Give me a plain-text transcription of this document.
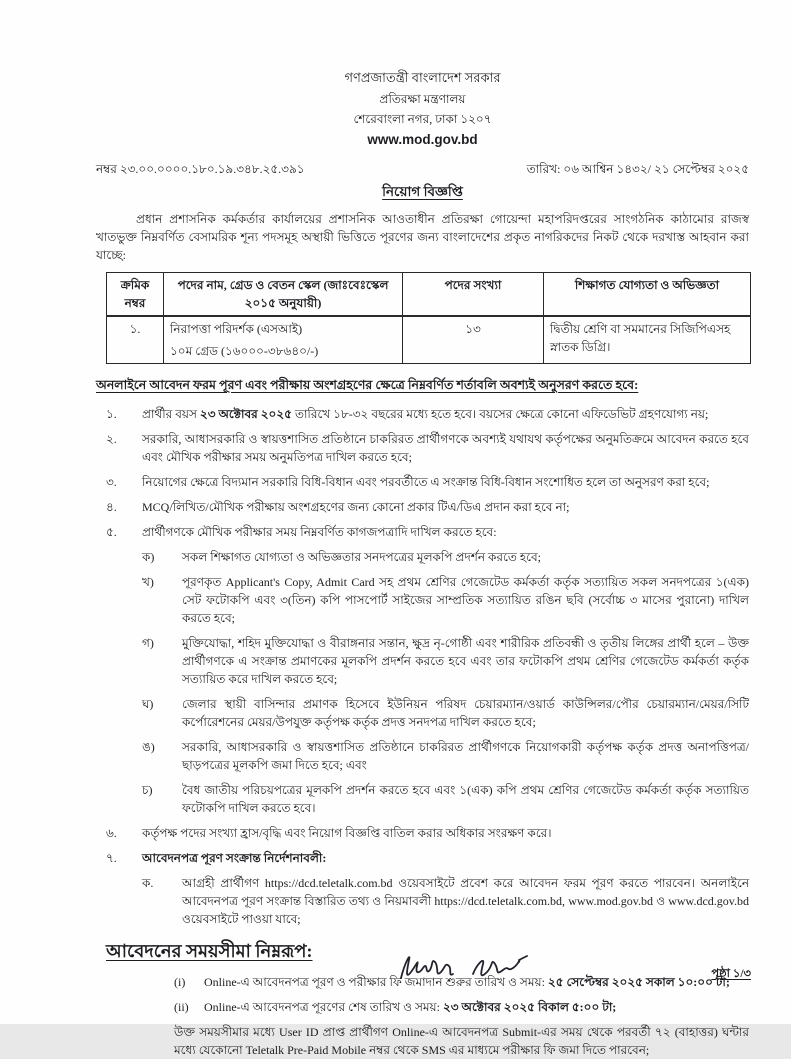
গণপ্রজাতন্ত্রী বাংলাদেশ সরকার
প্রতিরক্ষা মন্ত্রণালয়
শেরেবাংলা নগর, ঢাকা ১২০৭
www.mod.gov.bd
নম্বর ২৩.০০.০০০০.১৮০.১৯.৩৪৮.২৫.৩৯১	তারিখ: ০৬ আশ্বিন ১৪৩২/ ২১ সেপ্টেম্বর ২০২৫
নিয়োগ বিজ্ঞপ্তি

প্রধান প্রশাসনিক কর্মকর্তার কার্যালয়ের প্রশাসনিক আওতাধীন প্রতিরক্ষা গোয়েন্দা মহাপরিদপ্তরের সাংগঠনিক কাঠামোর রাজস্ব খাতভুক্ত নিম্নবর্ণিত বেসামরিক শূন্য পদসমূহ অস্থায়ী ভিত্তিতে পূরণের জন্য বাংলাদেশের প্রকৃত নাগরিকদের নিকট থেকে দরখাস্ত আহবান করা যাচ্ছে:

ক্রমিক নম্বর	পদের নাম, গ্রেড ও বেতন স্কেল (জাঃবেঃস্কেল ২০১৫ অনুযায়ী)	পদের সংখ্যা	শিক্ষাগত যোগ্যতা ও অভিজ্ঞতা
১.	নিরাপত্তা পরিদর্শক (এসআই)
১০ম গ্রেড (১৬০০০-৩৮৬৪০/-)	১৩	দ্বিতীয় শ্রেণি বা সমমানের সিজিপিএসহ স্নাতক ডিগ্রি।
অনলাইনে আবেদন ফরম পূরণ এবং পরীক্ষায় অংশগ্রহণের ক্ষেত্রে নিম্নবর্ণিত শর্তাবলি অবশ্যই অনুসরণ করতে হবে:
১.	প্রার্থীর বয়স ২৩ অক্টোবর ২০২৫ তারিখে ১৮-৩২ বছরের মধ্যে হতে হবে। বয়সের ক্ষেত্রে কোনো এফিডেভিট গ্রহণযোগ্য নয়;
২.	সরকারি, আধাসরকারি ও স্বায়ত্তশাসিত প্রতিষ্ঠানে চাকরিরত প্রার্থীগণকে অবশ্যই যথাযথ কর্তৃপক্ষের অনুমতিক্রমে আবেদন করতে হবে এবং মৌখিক পরীক্ষার সময় অনুমতিপত্র দাখিল করতে হবে;
৩.	নিয়োগের ক্ষেত্রে বিদ্যমান সরকারি বিধি-বিধান এবং পরবর্তীতে এ সংক্রান্ত বিধি-বিধান সংশোধিত হলে তা অনুসরণ করা হবে;
৪.	MCQ/লিখিত/মৌখিক পরীক্ষায় অংশগ্রহণের জন্য কোনো প্রকার টিএ/ডিএ প্রদান করা হবে না;
৫.	প্রার্থীগণকে মৌখিক পরীক্ষার সময় নিম্নবর্ণিত কাগজপত্রাদি দাখিল করতে হবে:
ক)	সকল শিক্ষাগত যোগ্যতা ও অভিজ্ঞতার সনদপত্রের মূলকপি প্রদর্শন করতে হবে;
খ)	পূরণকৃত Applicant's Copy, Admit Card সহ প্রথম শ্রেণির গেজেটেড কর্মকর্তা কর্তৃক সত্যায়িত সকল সনদপত্রের ১(এক) সেট ফটোকপি এবং ৩(তিন) কপি পাসপোর্ট সাইজের সাম্প্রতিক সত্যায়িত রঙিন ছবি (সর্বোচ্চ ৩ মাসের পুরানো) দাখিল করতে হবে;
গ)	মুক্তিযোদ্ধা, শহিদ মুক্তিযোদ্ধা ও বীরাঙ্গনার সন্তান, ক্ষুদ্র নৃ-গোষ্ঠী এবং শারীরিক প্রতিবন্ধী ও তৃতীয় লিঙ্গের প্রার্থী হলে – উক্ত প্রার্থীগণকে এ সংক্রান্ত প্রমাণকের মূলকপি প্রদর্শন করতে হবে এবং তার ফটোকপি প্রথম শ্রেণির গেজেটেড কর্মকর্তা কর্তৃক সত্যায়িত করে দাখিল করতে হবে;
ঘ)	জেলার স্থায়ী বাসিন্দার প্রমাণক হিসেবে ইউনিয়ন পরিষদ চেয়ারম্যান/ওয়ার্ড কাউন্সিলর/পৌর চেয়ারম্যান/মেয়র/সিটি কর্পোরেশনের মেয়র/উপযুক্ত কর্তৃপক্ষ কর্তৃক প্রদত্ত সনদপত্র দাখিল করতে হবে;
ঙ)	সরকারি, আধাসরকারি ও স্বায়ত্তশাসিত প্রতিষ্ঠানে চাকরিরত প্রার্থীগণকে নিয়োগকারী কর্তৃপক্ষ কর্তৃক প্রদত্ত অনাপত্তিপত্র/ছাড়পত্রের মূলকপি জমা দিতে হবে; এবং
চ)	বৈধ জাতীয় পরিচয়পত্রের মূলকপি প্রদর্শন করতে হবে এবং ১(এক) কপি প্রথম শ্রেণির গেজেটেড কর্মকর্তা কর্তৃক সত্যায়িত ফটোকপি দাখিল করতে হবে।
৬.	কর্তৃপক্ষ পদের সংখ্যা হ্রাস/বৃদ্ধি এবং নিয়োগ বিজ্ঞপ্তি বাতিল করার অধিকার সংরক্ষণ করে।
৭.	আবেদনপত্র পূরণ সংক্রান্ত নির্দেশনাবলী:
ক.	আগ্রহী প্রার্থীগণ https://dcd.teletalk.com.bd ওয়েবসাইটে প্রবেশ করে আবেদন ফরম পূরণ করতে পারবেন। অনলাইনে আবেদনপত্র পূরণ সংক্রান্ত বিস্তারিত তথ্য ও নিয়মাবলী https://dcd.teletalk.com.bd, www.mod.gov.bd ও www.dcd.gov.bd ওয়েবসাইটে পাওয়া যাবে;
আবেদনের সময়সীমা নিম্নরূপ:
(i)	Online-এ আবেদনপত্র পূরণ ও পরীক্ষার ফি জমাদান শুরুর তারিখ ও সময়: ২৫ সেপ্টেম্বর ২০২৫ সকাল ১০:০০ টা;
(ii)	Online-এ আবেদনপত্র পূরণের শেষ তারিখ ও সময়: ২৩ অক্টোবর ২০২৫ বিকাল ৫:০০ টা;

উক্ত সময়সীমার মধ্যে User ID প্রাপ্ত প্রার্থীগণ Online-এ আবেদনপত্র Submit-এর সময় থেকে পরবর্তী ৭২ (বাহাত্তর) ঘন্টার মধ্যে যেকোনো Teletalk Pre-Paid Mobile নম্বর থেকে SMS এর মাধ্যমে পরীক্ষার ফি জমা দিতে পারবেন;

পৃষ্ঠা ১/৩
